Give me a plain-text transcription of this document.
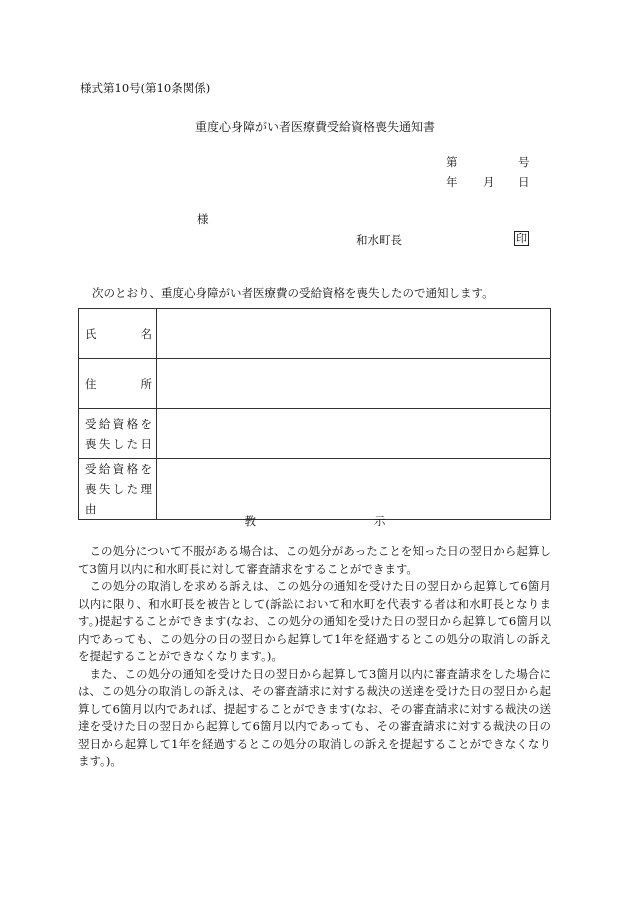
様式第10号(第10条関係)
重度心身障がい者医療費受給資格喪失通知書
第	号
年 月 日
様
和水町長	印
次のとおり、重度心身障がい者医療費の受給資格を喪失したので通知します。
氏 名	

住 所	

受給資格を
喪失した日	

受給資格を
喪失した理由	

教	示

この処分について不服がある場合は、この処分があったことを知った日の翌日から起算して3箇月以内に和水町長に対して審査請求をすることができます。

この処分の取消しを求める訴えは、この処分の通知を受けた日の翌日から起算して6箇月以内に限り、和水町長を被告として(訴訟において和水町を代表する者は和水町長となります。)提起することができます(なお、この処分の通知を受けた日の翌日から起算して6箇月以内であっても、この処分の日の翌日から起算して1年を経過するとこの処分の取消しの訴えを提起することができなくなります。)。

また、この処分の通知を受けた日の翌日から起算して3箇月以内に審査請求をした場合には、この処分の取消しの訴えは、その審査請求に対する裁決の送達を受けた日の翌日から起算して6箇月以内であれば、提起することができます(なお、その審査請求に対する裁決の送達を受けた日の翌日から起算して6箇月以内であっても、その審査請求に対する裁決の日の翌日から起算して1年を経過するとこの処分の取消しの訴えを提起することができなくなります。)。
